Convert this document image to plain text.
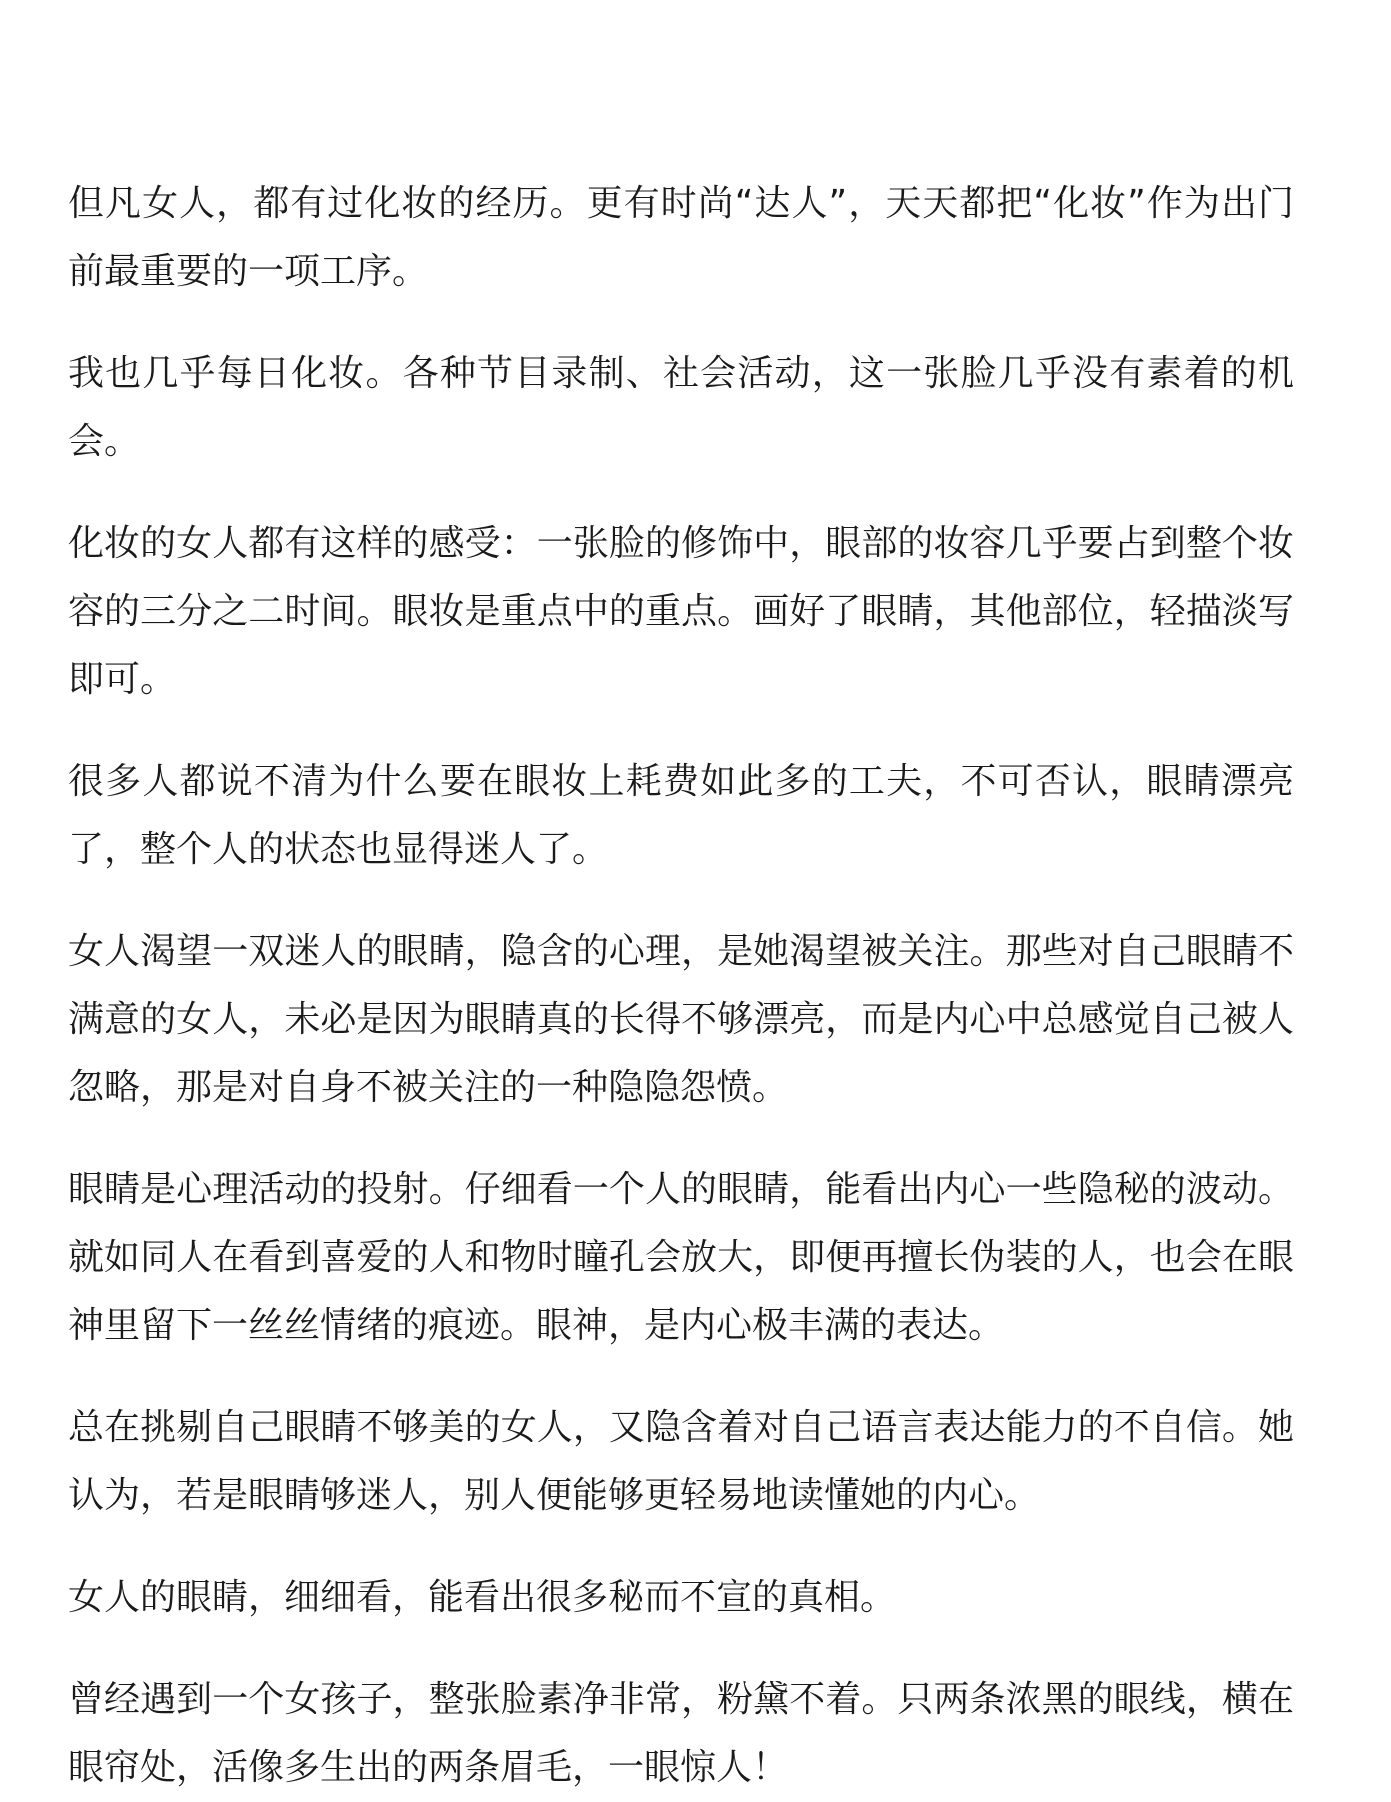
但凡女人，都有过化妆的经历。更有时尚“达人”，天天都把“化妆”作为出门前最重要的一项工序。

我也几乎每日化妆。各种节目录制、社会活动，这一张脸几乎没有素着的机会。

化妆的女人都有这样的感受：一张脸的修饰中，眼部的妆容几乎要占到整个妆容的三分之二时间。眼妆是重点中的重点。画好了眼睛，其他部位，轻描淡写即可。

很多人都说不清为什么要在眼妆上耗费如此多的工夫，不可否认，眼睛漂亮了，整个人的状态也显得迷人了。

女人渴望一双迷人的眼睛，隐含的心理，是她渴望被关注。那些对自己眼睛不满意的女人，未必是因为眼睛真的长得不够漂亮，而是内心中总感觉自己被人忽略，那是对自身不被关注的一种隐隐怨愤。

眼睛是心理活动的投射。仔细看一个人的眼睛，能看出内心一些隐秘的波动。就如同人在看到喜爱的人和物时瞳孔会放大，即便再擅长伪装的人，也会在眼神里留下一丝丝情绪的痕迹。眼神，是内心极丰满的表达。

总在挑剔自己眼睛不够美的女人，又隐含着对自己语言表达能力的不自信。她认为，若是眼睛够迷人，别人便能够更轻易地读懂她的内心。

女人的眼睛，细细看，能看出很多秘而不宣的真相。

曾经遇到一个女孩子，整张脸素净非常，粉黛不着。只两条浓黑的眼线，横在眼帘处，活像多生出的两条眉毛，一眼惊人！
